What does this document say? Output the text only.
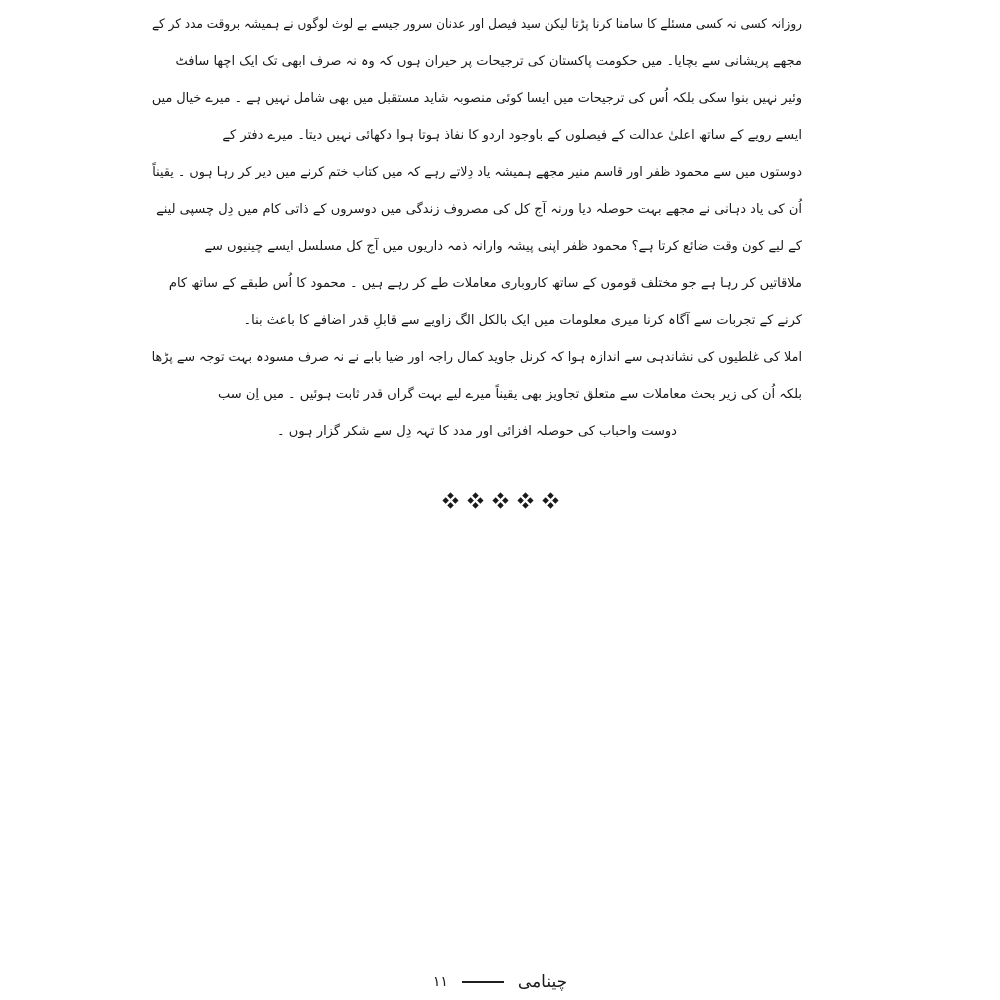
روزانہ کسی نہ کسی مسئلے کا سامنا کرنا پڑتا لیکن سید فیصل اور عدنان سرور جیسے بے لوث لوگوں نے ہمیشہ بروقت مدد کر کے
مجھے پریشانی سے بچایا۔ میں حکومت پاکستان کی ترجیحات پر حیران ہوں کہ وہ نہ صرف ابھی تک ایک اچھا سافٹ
وئیر نہیں بنوا سکی بلکہ اُس کی ترجیحات میں ایسا کوئی منصوبہ شاید مستقبل میں بھی شامل نہیں ہے ۔ میرے خیال میں
ایسے رویے کے ساتھ اعلیٰ عدالت کے فیصلوں کے باوجود اردو کا نفاذ ہوتا ہوا دکھائی نہیں دیتا۔ میرے دفتر کے
دوستوں میں سے محمود ظفر اور قاسم منیر مجھے ہمیشہ یاد دِلاتے رہے کہ میں کتاب ختم کرنے میں دیر کر رہا ہوں ۔ یقیناً
اُن کی یاد دہانی نے مجھے بہت حوصلہ دیا ورنہ آج کل کی مصروف زندگی میں دوسروں کے ذاتی کام میں دِل چسپی لینے
کے لیے کون وقت ضائع کرتا ہے؟ محمود ظفر اپنی پیشہ وارانہ ذمہ داریوں میں آج کل مسلسل ایسے چینیوں سے
ملاقاتیں کر رہا ہے جو مختلف قوموں کے ساتھ کاروباری معاملات طے کر رہے ہیں ۔ محمود کا اُس طبقے کے ساتھ کام
کرنے کے تجربات سے آگاہ کرنا میری معلومات میں ایک بالکل الگ زاویے سے قابلِ قدر اضافے کا باعث بنا۔
املا کی غلطیوں کی نشاندہی سے اندازہ ہوا کہ کرنل جاوید کمال راجہ اور ضیا بابے نے نہ صرف مسودہ بہت توجہ سے پڑھا
بلکہ اُن کی زیر بحث معاملات سے متعلق تجاویز بھی یقیناً میرے لیے بہت گراں قدر ثابت ہوئیں ۔ میں اِن سب
دوست واحباب کی حوصلہ افزائی اور مدد کا تہہ دِل سے شکر گزار ہوں ۔
چینامی
۱۱
